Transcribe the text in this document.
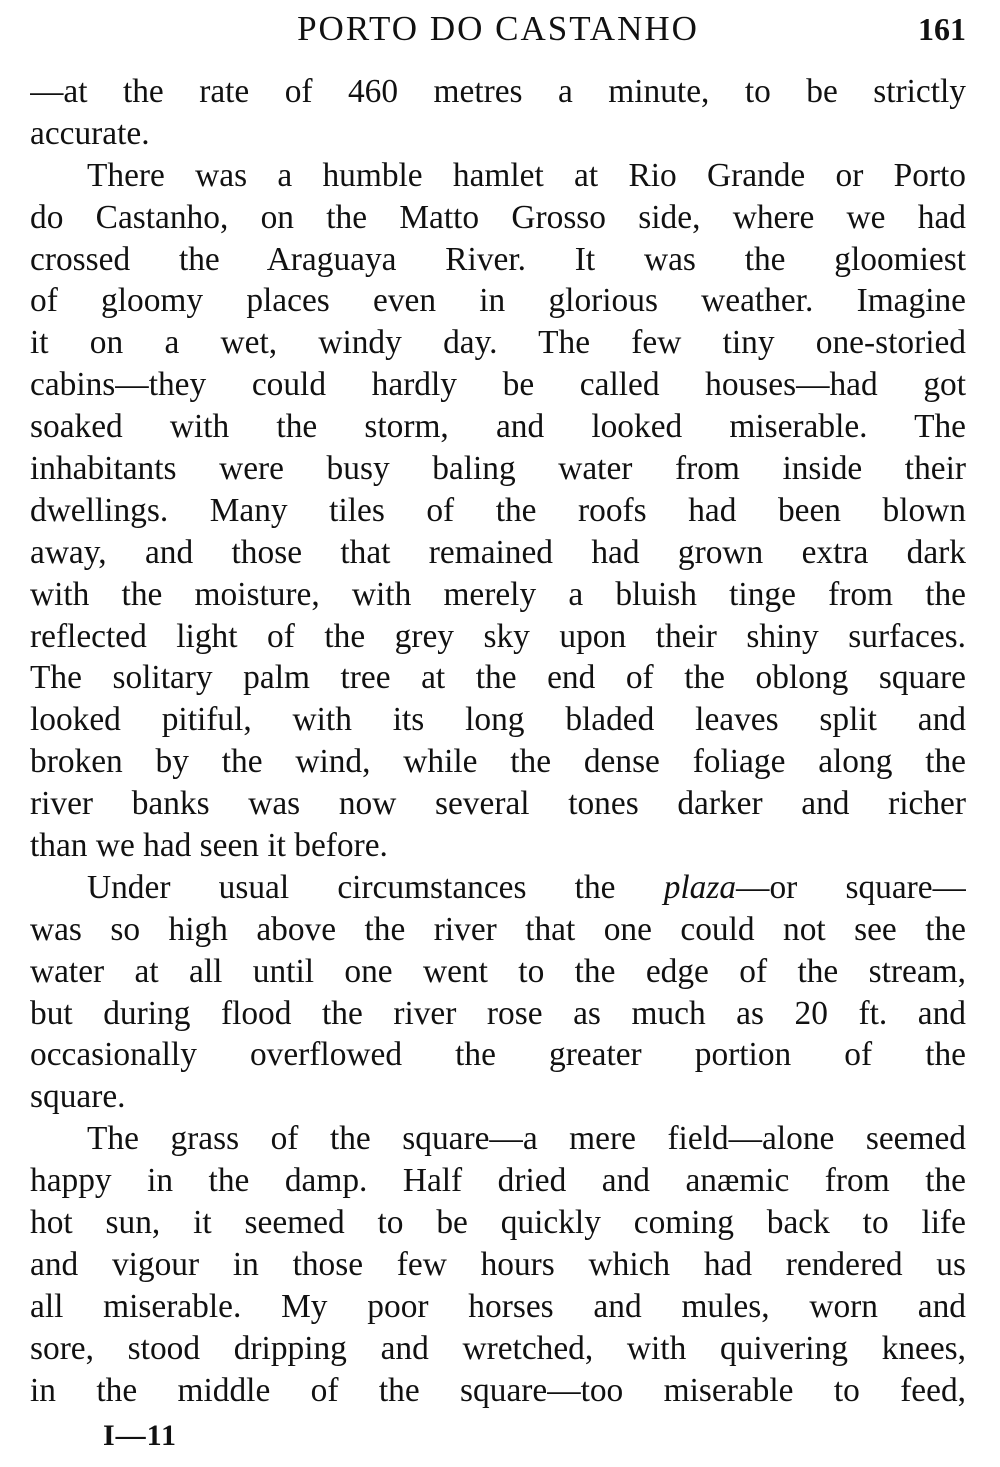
PORTO DO CASTANHO	161
—at the rate of 460 metres a minute, to be strictly
accurate.
There was a humble hamlet at Rio Grande or Porto
do Castanho, on the Matto Grosso side, where we had
crossed the Araguaya River. It was the gloomiest
of gloomy places even in glorious weather. Imagine
it on a wet, windy day. The few tiny one-storied
cabins—they could hardly be called houses—had got
soaked with the storm, and looked miserable. The
inhabitants were busy baling water from inside their
dwellings. Many tiles of the roofs had been blown
away, and those that remained had grown extra dark
with the moisture, with merely a bluish tinge from the
reflected light of the grey sky upon their shiny surfaces.
The solitary palm tree at the end of the oblong square
looked pitiful, with its long bladed leaves split and
broken by the wind, while the dense foliage along the
river banks was now several tones darker and richer
than we had seen it before.
Under usual circumstances the plaza—or square—
was so high above the river that one could not see the
water at all until one went to the edge of the stream,
but during flood the river rose as much as 20 ft. and
occasionally overflowed the greater portion of the
square.
The grass of the square—a mere field—alone seemed
happy in the damp. Half dried and anæmic from the
hot sun, it seemed to be quickly coming back to life
and vigour in those few hours which had rendered us
all miserable. My poor horses and mules, worn and
sore, stood dripping and wretched, with quivering knees,
in the middle of the square—too miserable to feed,
I—11
